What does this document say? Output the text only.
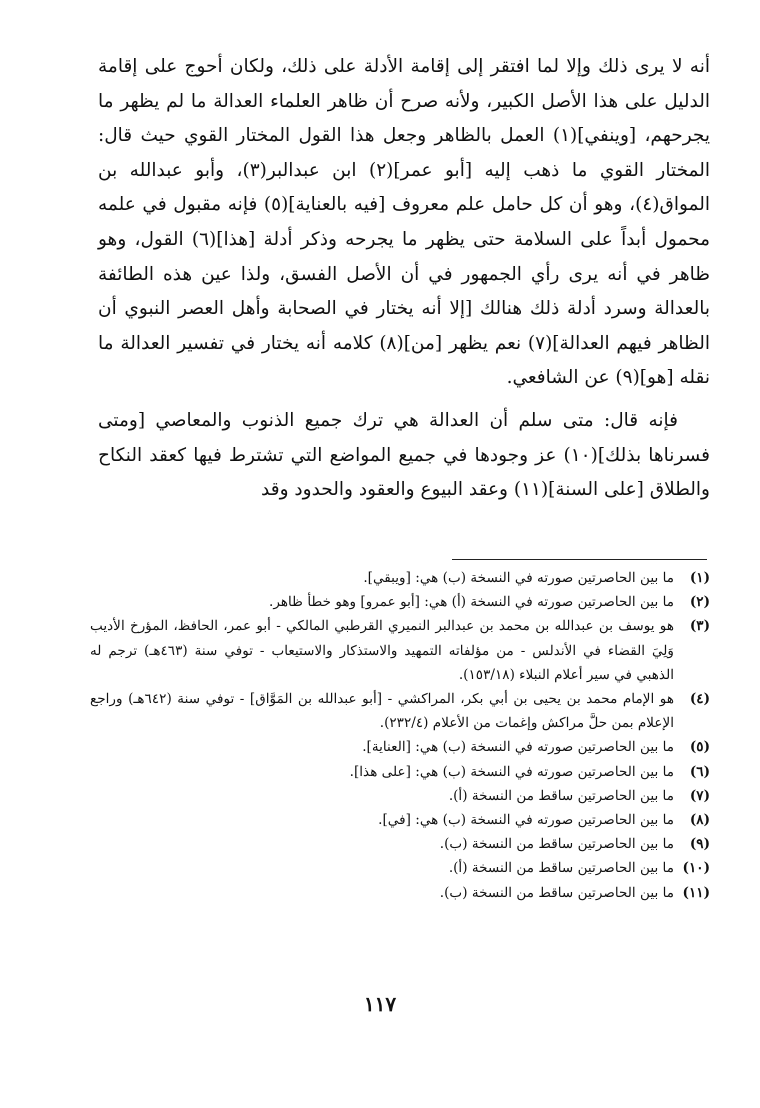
أنه لا يرى ذلك وإلا لما افتقر إلى إقامة الأدلة على ذلك، ولكان أحوج على إقامة الدليل على هذا الأصل الكبير، ولأنه صرح أن ظاهر العلماء العدالة ما لم يظهر ما يجرحهم، [وينفي](١) العمل بالظاهر وجعل هذا القول المختار القوي حيث قال: المختار القوي ما ذهب إليه [أبو عمر](٢) ابن عبدالبر(٣)، وأبو عبدالله بن المواق(٤)، وهو أن كل حامل علم معروف [فيه بالعناية](٥) فإنه مقبول في علمه محمول أبداً على السلامة حتى يظهر ما يجرحه وذكر أدلة [هذا](٦) القول، وهو ظاهر في أنه يرى رأي الجمهور في أن الأصل الفسق، ولذا عين هذه الطائفة بالعدالة وسرد أدلة ذلك هنالك [إلا أنه يختار في الصحابة وأهل العصر النبوي أن الظاهر فيهم العدالة](٧) نعم يظهر [من](٨) كلامه أنه يختار في تفسير العدالة ما نقله [هو](٩) عن الشافعي.

فإنه قال: متى سلم أن العدالة هي ترك جميع الذنوب والمعاصي [ومتى فسرناها بذلك](١٠) عز وجودها في جميع المواضع التي تشترط فيها كعقد النكاح والطلاق [على السنة](١١) وعقد البيوع والعقود والحدود وقد

(١)
ما بين الحاصرتين صورته في النسخة (ب) هي: [ويبقي].
(٢)
ما بين الحاصرتين صورته في النسخة (أ) هي: [أبو عمرو] وهو خطأ ظاهر.
(٣)
هو يوسف بن عبدالله بن محمد بن عبدالبر النميري القرطبي المالكي - أبو عمر، الحافظ، المؤرخ الأديب وَلِيَ القضاء في الأندلس - من مؤلفاته التمهيد والاستذكار والاستيعاب - توفي سنة (٤٦٣هـ) ترجم له الذهبي في سير أعلام النبلاء (١٥٣/١٨).
(٤)
هو الإمام محمد بن يحيى بن أبي بكر، المراكشي - [أبو عبدالله بن المَوَّاق] - توفي سنة (٦٤٢هـ) وراجع الإعلام بمن حلَّ مراكش وإغمات من الأعلام (٢٣٢/٤).
(٥)
ما بين الحاصرتين صورته في النسخة (ب) هي: [العناية].
(٦)
ما بين الحاصرتين صورته في النسخة (ب) هي: [على هذا].
(٧)
ما بين الحاصرتين ساقط من النسخة (أ).
(٨)
ما بين الحاصرتين صورته في النسخة (ب) هي: [في].
(٩)
ما بين الحاصرتين ساقط من النسخة (ب).
(١٠)
ما بين الحاصرتين ساقط من النسخة (أ).
(١١)
ما بين الحاصرتين ساقط من النسخة (ب).
١١٧
